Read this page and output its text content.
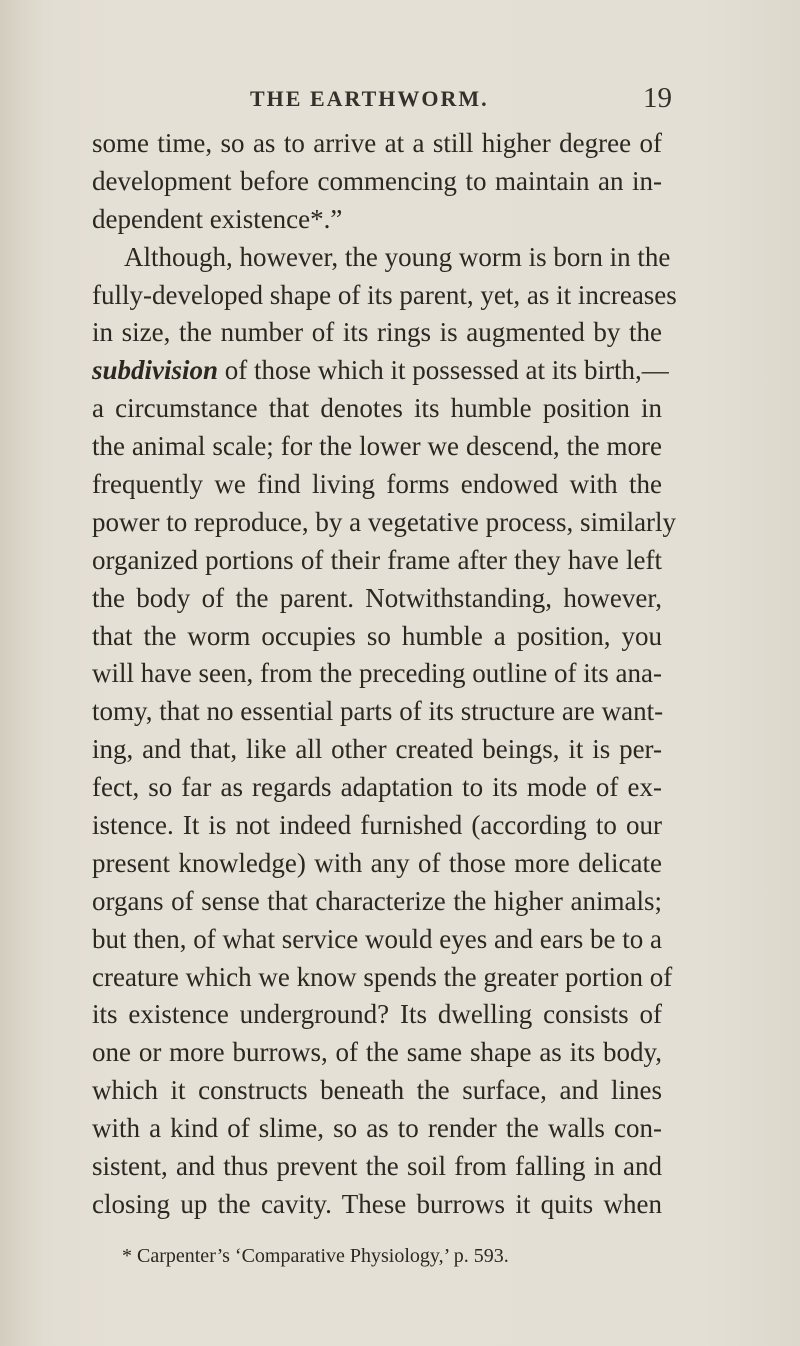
THE EARTHWORM.	19
some time, so as to arrive at a still higher degree of
development before commencing to maintain an in-
dependent existence*.”
Although, however, the young worm is born in the
fully-developed shape of its parent, yet, as it increases
in size, the number of its rings is augmented by the
subdivision of those which it possessed at its birth,—
a circumstance that denotes its humble position in
the animal scale; for the lower we descend, the more
frequently we find living forms endowed with the
power to reproduce, by a vegetative process, similarly
organized portions of their frame after they have left
the body of the parent. Notwithstanding, however,
that the worm occupies so humble a position, you
will have seen, from the preceding outline of its ana-
tomy, that no essential parts of its structure are want-
ing, and that, like all other created beings, it is per-
fect, so far as regards adaptation to its mode of ex-
istence. It is not indeed furnished (according to our
present knowledge) with any of those more delicate
organs of sense that characterize the higher animals;
but then, of what service would eyes and ears be to a
creature which we know spends the greater portion of
its existence underground? Its dwelling consists of
one or more burrows, of the same shape as its body,
which it constructs beneath the surface, and lines
with a kind of slime, so as to render the walls con-
sistent, and thus prevent the soil from falling in and
closing up the cavity. These burrows it quits when
* Carpenter’s ‘Comparative Physiology,’ p. 593.
